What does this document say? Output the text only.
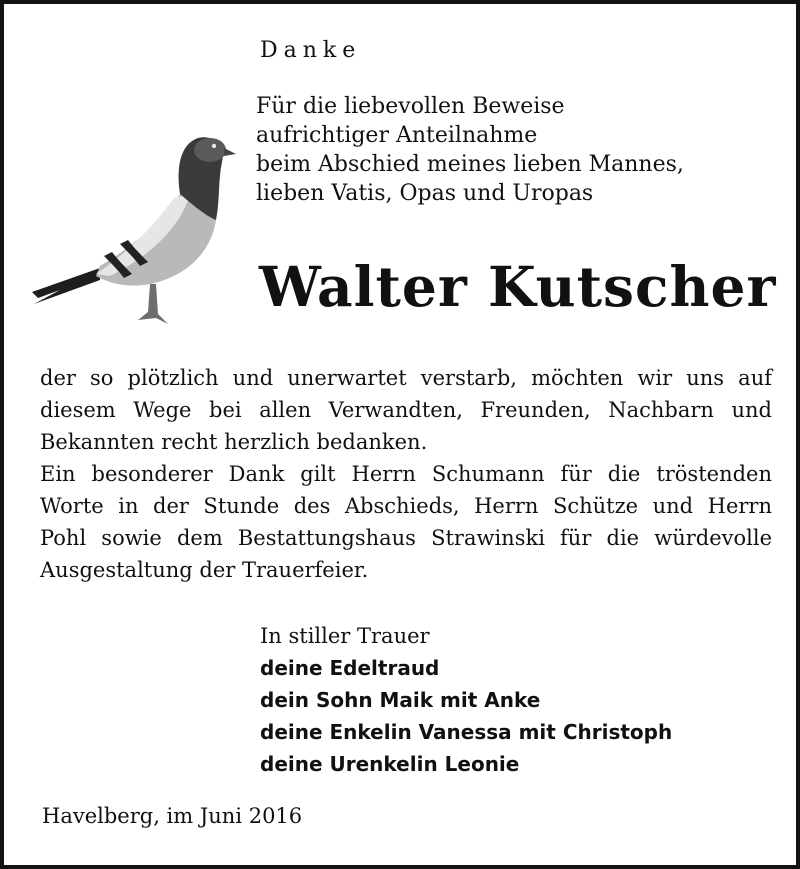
Danke
Für die liebevollen Beweise
aufrichtiger Anteilnahme
beim Abschied meines lieben Mannes,
lieben Vatis, Opas und Uropas
Walter Kutscher
der so plötzlich und unerwartet verstarb, möchten wir uns auf
diesem Wege bei allen Verwandten, Freunden, Nachbarn und
Bekannten recht herzlich bedanken.
Ein besonderer Dank gilt Herrn Schumann für die tröstenden
Worte in der Stunde des Abschieds, Herrn Schütze und Herrn
Pohl sowie dem Bestattungshaus Strawinski für die würdevolle
Ausgestaltung der Trauerfeier.
In stiller Trauer
deine Edeltraud
dein Sohn Maik mit Anke
deine Enkelin Vanessa mit Christoph
deine Urenkelin Leonie
Havelberg, im Juni 2016
